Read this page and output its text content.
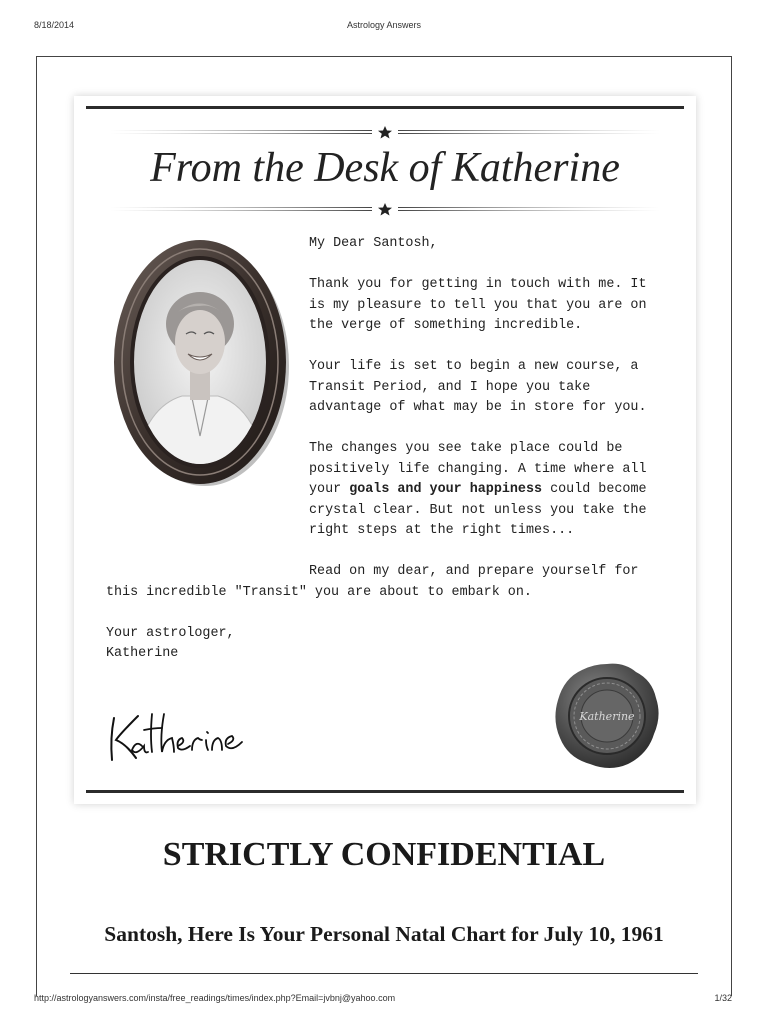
8/18/2014	Astrology Answers
From the Desk of Katherine

My Dear Santosh,

Thank you for getting in touch with me. It is my pleasure to tell you that you are on the verge of something incredible.

Your life is set to begin a new course, a Transit Period, and I hope you take advantage of what may be in store for you.

The changes you see take place could be positively life changing. A time where all your goals and your happiness could become crystal clear. But not unless you take the right steps at the right times...

Read on my dear, and prepare yourself for this incredible "Transit" you are about to embark on.

Your astrologer,
Katherine

Katherine
STRICTLY CONFIDENTIAL
Santosh, Here Is Your Personal Natal Chart for July 10, 1961
http://astrologyanswers.com/insta/free_readings/times/index.php?Email=jvbnj@yahoo.com	1/32
